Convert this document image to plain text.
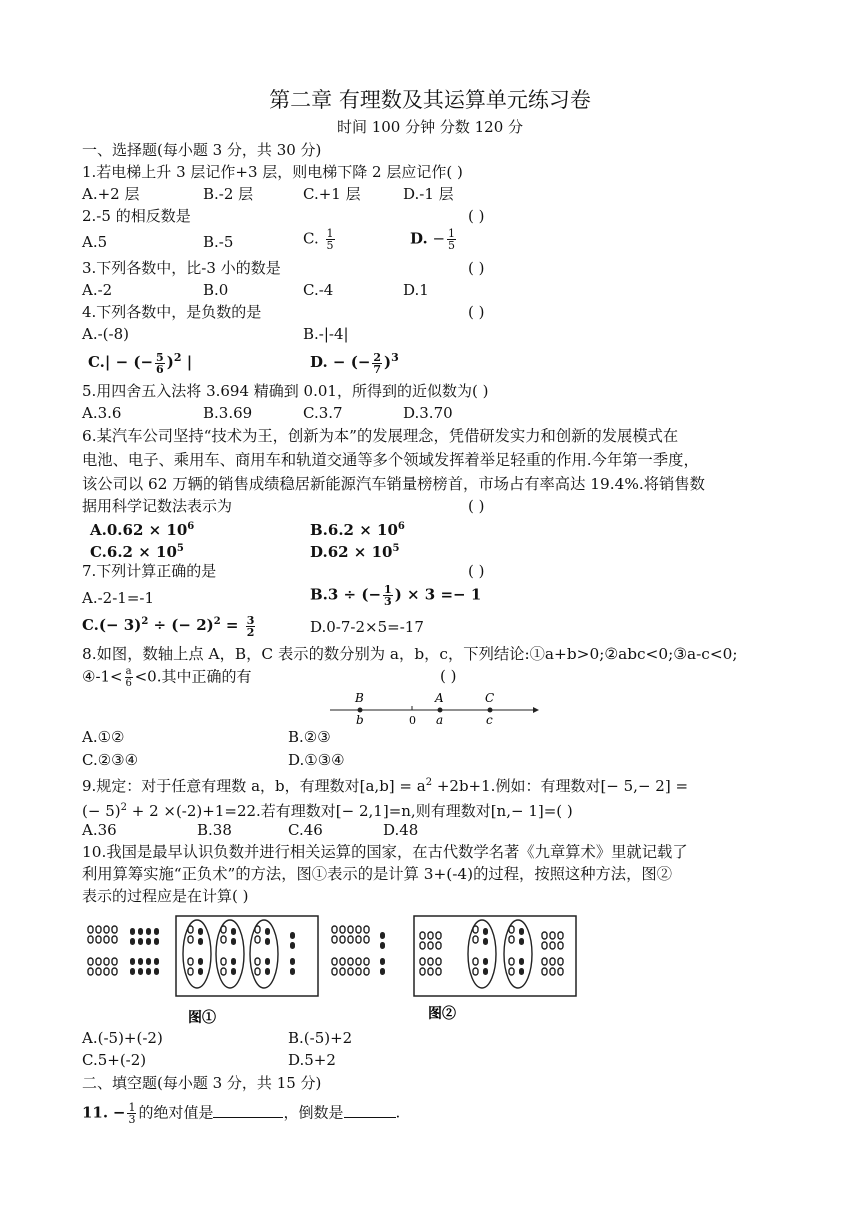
第二章 有理数及其运算单元练习卷
时间 100 分钟 分数 120 分
一、选择题(每小题 3 分，共 30 分)
1.若电梯上升 3 层记作+3 层，则电梯下降 2 层应记作( )
A.+2 层	B.-2 层	C.+1 层	D.-1 层
2.-5 的相反数是	( )
A.5	B.-5	C. $\frac{1}{5}$	D. − $\frac{1}{5}$
3.下列各数中，比-3 小的数是	( )
A.-2	B.0	C.-4	D.1
4.下列各数中，是负数的是	( )
A.-(-8)	B.-|-4|
C.| − (− $\frac{5}{6} )^2$ |	D. − (− $\frac{2}{7} )^3$
5.用四舍五入法将 3.694 精确到 0.01，所得到的近似数为( )
A.3.6	B.3.69	C.3.7	D.3.70
6.某汽车公司坚持“技术为王，创新为本”的发展理念，凭借研发实力和创新的发展模式在
电池、电子、乘用车、商用车和轨道交通等多个领域发挥着举足轻重的作用.今年第一季度，
该公司以 62 万辆的销售成绩稳居新能源汽车销量榜榜首，市场占有率高达 19.4%.将销售数
据用科学记数法表示为	( )
$A.0.62 \times 10^6$	$B.6.2 \times 10^6$
$C.6.2 \times 10^5$	$D.62 \times 10^5$
7.下列计算正确的是	( )
A.-2-1=-1	B.3 ÷ (− $\frac{1}{3}$ ) × 3 =− 1
$C.(- 3)^2$ ÷ (− $2)^2 = \frac{3}{2}$	D.0-7-2×5=-17
8.如图，数轴上点 A，B，C 表示的数分别为 a，b，c，下列结论:①a+b>0;②abc<0;③a-c<0;
④-1< $\frac{a}{6} <0$.其中正确的有	( )
B
b	0
A
a
C
c
A.①②	B.②③
C.②③④	D.①③④
9.规定：对于任意有理数 a，b，有理数对$[a,b] = a^2 +2b+1$.例如：有理数对[− 5,− 2] =
(− 5)$^2$ + 2 ×(-2)+1=22.若有理数对[− 2,1]=n,则有理数对[n,− 1]=( )
A.36	B.38	C.46	D.48
10.我国是最早认识负数并进行相关运算的国家，在古代数学名著《九章算术》里就记载了
利用算筹实施“正负术”的方法，图①表示的是计算 3+(-4)的过程，按照这种方法，图②
表示的过程应是在计算( )
图①	图②
A.(-5)+(-2)	B.(-5)+2
C.5+(-2)	D.5+2
二、填空题(每小题 3 分，共 15 分)
11. − $\frac{1}{3}$ 的绝对值是	，倒数是	.
